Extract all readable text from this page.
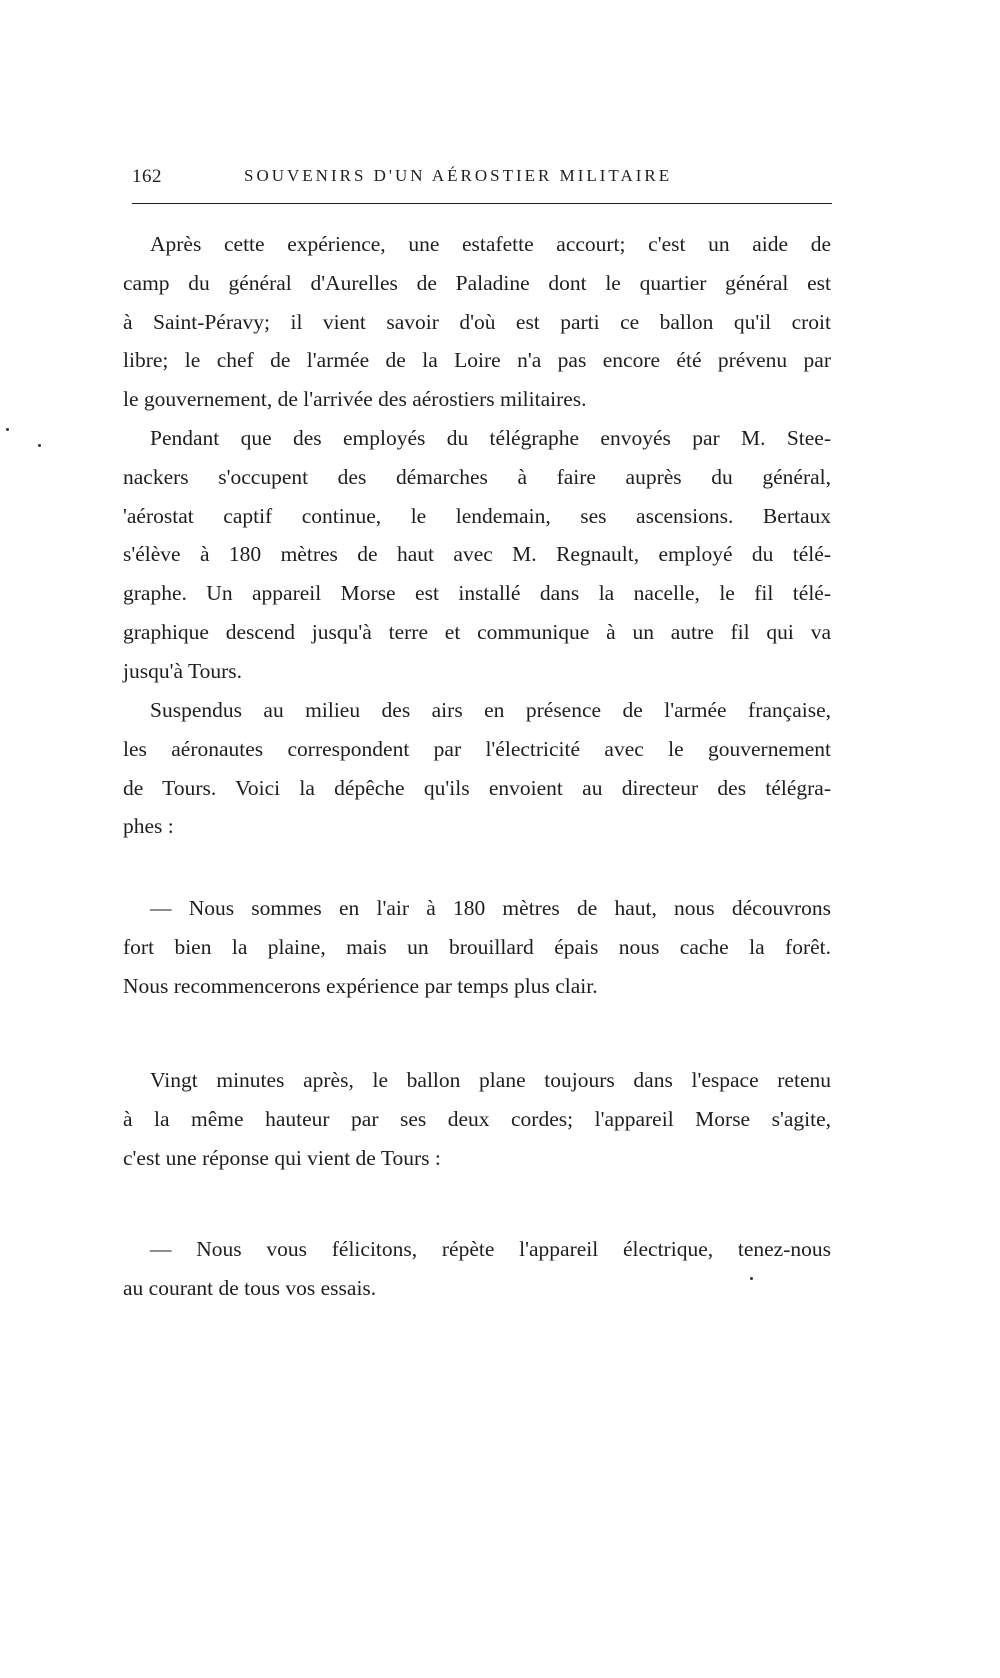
162	SOUVENIRS D'UN AÉROSTIER MILITAIRE

Après cette expérience, une estafette accourt; c'est un aide de
camp du général d'Aurelles de Paladine dont le quartier général est
à Saint-Péravy; il vient savoir d'où est parti ce ballon qu'il croit
libre; le chef de l'armée de la Loire n'a pas encore été prévenu par
le gouvernement, de l'arrivée des aérostiers militaires.

Pendant que des employés du télégraphe envoyés par M. Stee-
nackers s'occupent des démarches à faire auprès du général,
'aérostat captif continue, le lendemain, ses ascensions. Bertaux
s'élève à 180 mètres de haut avec M. Regnault, employé du télé-
graphe. Un appareil Morse est installé dans la nacelle, le fil télé-
graphique descend jusqu'à terre et communique à un autre fil qui va
jusqu'à Tours.

Suspendus au milieu des airs en présence de l'armée française,
les aéronautes correspondent par l'électricité avec le gouvernement
de Tours. Voici la dépêche qu'ils envoient au directeur des télégra-
phes :

— Nous sommes en l'air à 180 mètres de haut, nous découvrons
fort bien la plaine, mais un brouillard épais nous cache la forêt.
Nous recommencerons expérience par temps plus clair.

Vingt minutes après, le ballon plane toujours dans l'espace retenu
à la même hauteur par ses deux cordes; l'appareil Morse s'agite,
c'est une réponse qui vient de Tours :

— Nous vous félicitons, répète l'appareil électrique, tenez-nous
au courant de tous vos essais.
